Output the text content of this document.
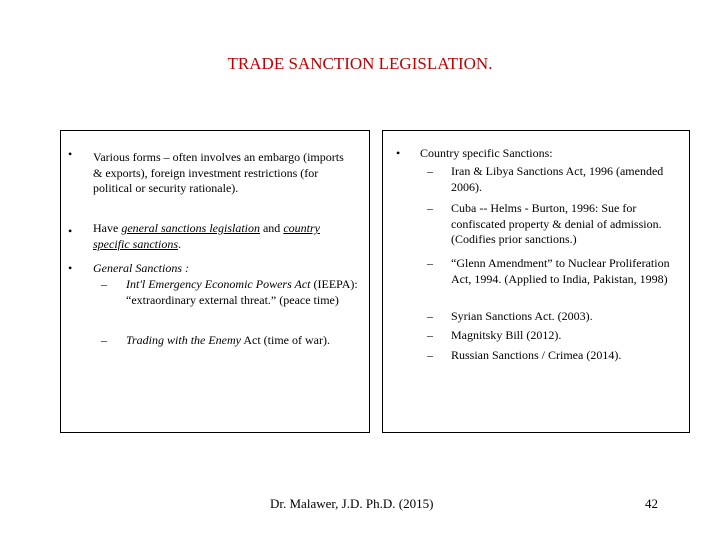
TRADE SANCTION LEGISLATION.
• Various forms – often involves an embargo (imports & exports), foreign investment restrictions (for political or security rationale).
• Have general sanctions legislation and country specific sanctions.
• General Sanctions :
– Int'l Emergency Economic Powers Act (IEEPA): “extraordinary external threat.” (peace time)
– Trading with the Enemy Act (time of war).
• Country specific Sanctions:
– Iran & Libya Sanctions Act, 1996 (amended 2006).
– Cuba -- Helms - Burton, 1996: Sue for confiscated property & denial of admission. (Codifies prior sanctions.)
– “Glenn Amendment” to Nuclear Proliferation Act, 1994. (Applied to India, Pakistan, 1998)
– Syrian Sanctions Act. (2003).
– Magnitsky Bill (2012).
– Russian Sanctions / Crimea (2014).
Dr. Malawer, J.D. Ph.D. (2015)	42
